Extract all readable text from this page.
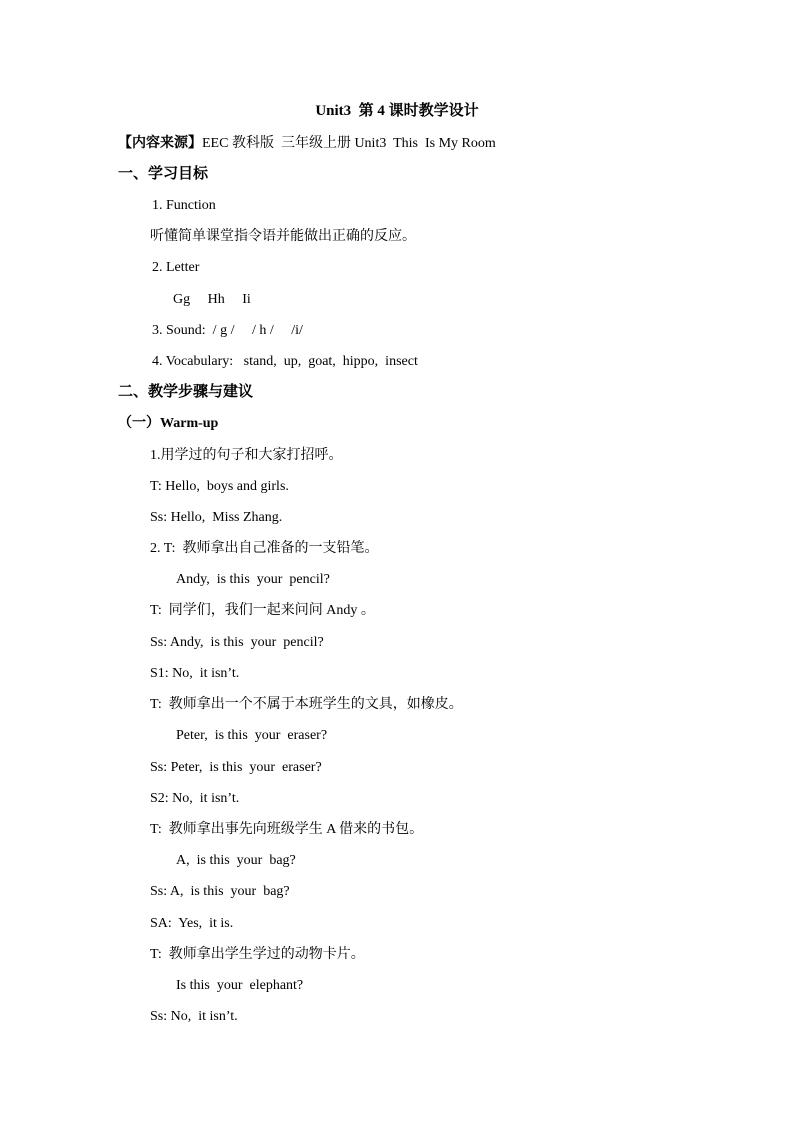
Unit3  第 4 课时教学设计
【内容来源】EEC 教科版  三年级上册 Unit3  This  Is My Room
一、学习目标
1. Function
听懂简单课堂指令语并能做出正确的反应。
2. Letter
Gg     Hh     Ii
3. Sound:  / g /     / h /     /i/
4. Vocabulary:   stand,  up,  goat,  hippo,  insect
二、教学步骤与建议
（一）Warm-up
1.用学过的句子和大家打招呼。
T: Hello,  boys and girls.
Ss: Hello,  Miss Zhang.
2. T:  教师拿出自己准备的一支铅笔。
Andy,  is this  your  pencil?
T:  同学们，我们一起来问问 Andy 。
Ss: Andy,  is this  your  pencil?
S1: No,  it isn’t.
T:  教师拿出一个不属于本班学生的文具，如橡皮。
Peter,  is this  your  eraser?
Ss: Peter,  is this  your  eraser?
S2: No,  it isn’t.
T:  教师拿出事先向班级学生 A 借来的书包。
A,  is this  your  bag?
Ss: A,  is this  your  bag?
SA:  Yes,  it is.
T:  教师拿出学生学过的动物卡片。
Is this  your  elephant?
Ss: No,  it isn’t.
